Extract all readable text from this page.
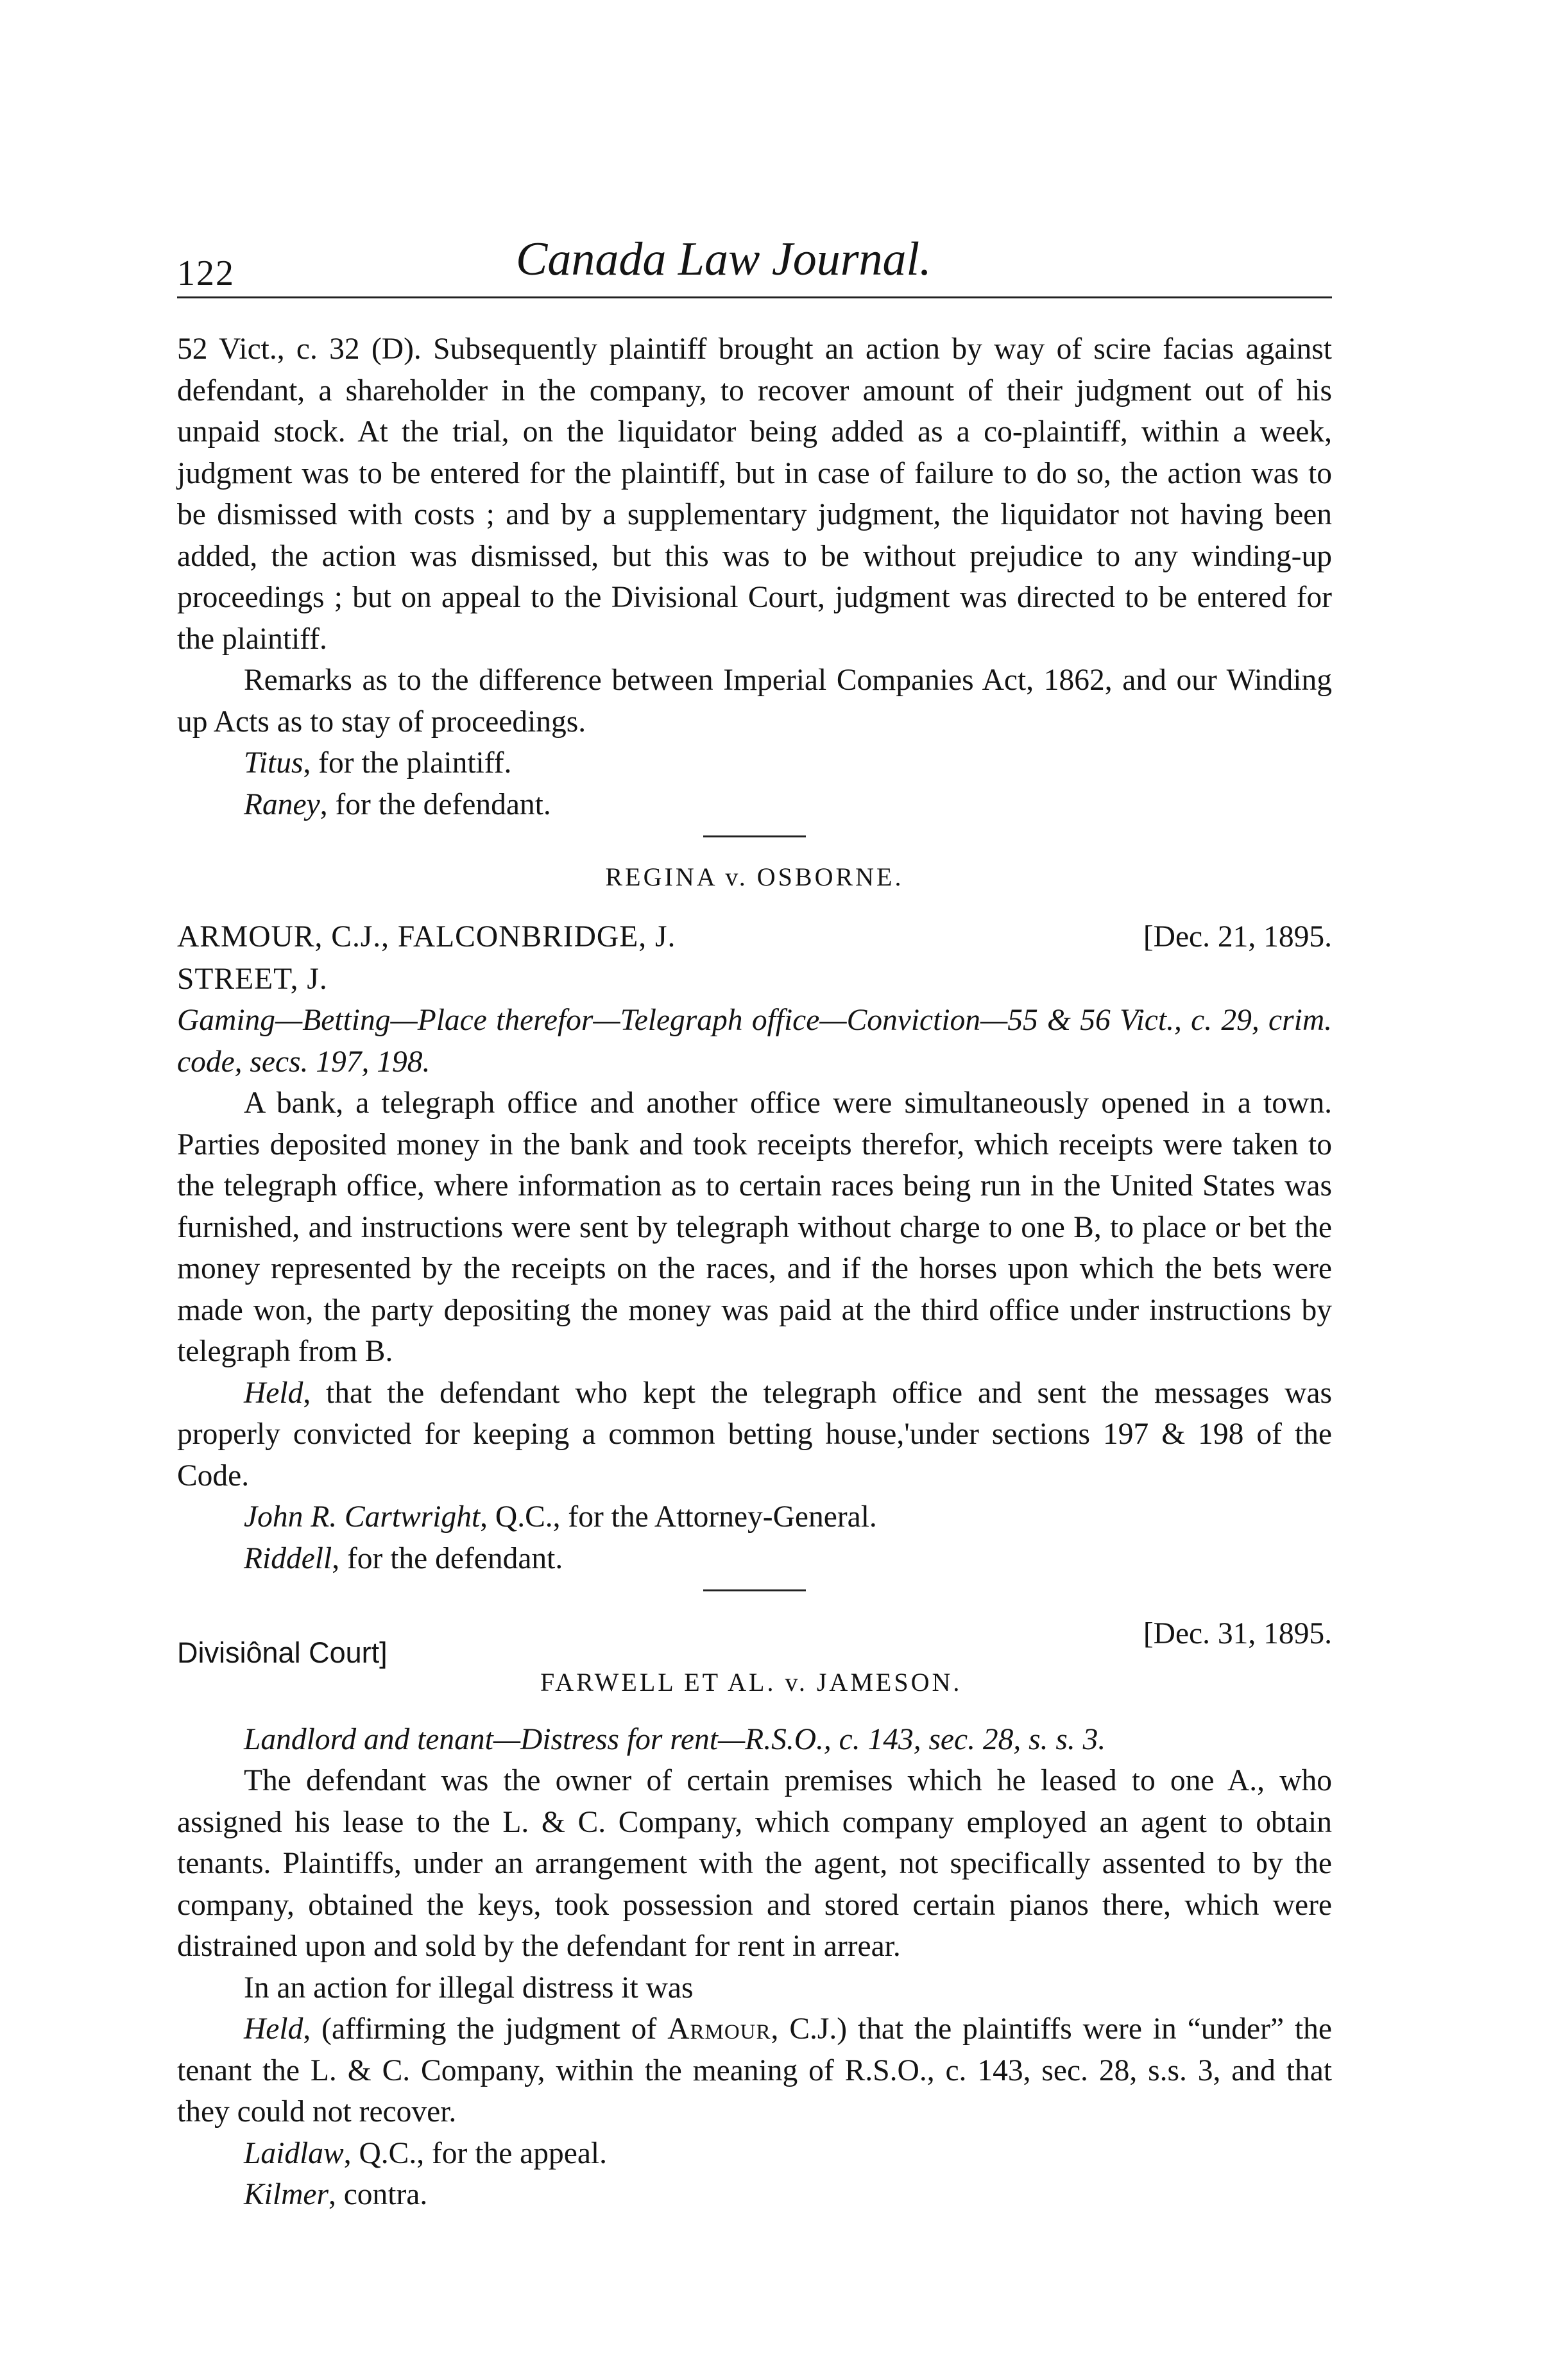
122	Canada Law Journal.

52 Vict., c. 32 (D). Subsequently plaintiff brought an action by way of scire facias against defendant, a shareholder in the company, to recover amount of their judgment out of his unpaid stock. At the trial, on the liquidator being added as a co-plaintiff, within a week, judgment was to be entered for the plaintiff, but in case of failure to do so, the action was to be dismissed with costs ; and by a supplementary judgment, the liquidator not having been added, the action was dismissed, but this was to be without prejudice to any winding-up proceedings ; but on appeal to the Divisional Court, judgment was directed to be entered for the plaintiff.

Remarks as to the difference between Imperial Companies Act, 1862, and our Winding up Acts as to stay of proceedings.

Titus, for the plaintiff.

Raney, for the defendant.

REGINA v. OSBORNE.

ARMOUR, C.J., FALCONBRIDGE, J.	[Dec. 21, 1895.

STREET, J.

Gaming—Betting—Place therefor—Telegraph office—Conviction—55 & 56 Vict., c. 29, crim. code, secs. 197, 198.

A bank, a telegraph office and another office were simultaneously opened in a town. Parties deposited money in the bank and took receipts therefor, which receipts were taken to the telegraph office, where information as to certain races being run in the United States was furnished, and instructions were sent by telegraph without charge to one B, to place or bet the money represented by the receipts on the races, and if the horses upon which the bets were made won, the party depositing the money was paid at the third office under instructions by telegraph from B.

Held, that the defendant who kept the telegraph office and sent the messages was properly convicted for keeping a common betting house,'under sections 197 & 198 of the Code.

John R. Cartwright, Q.C., for the Attorney-General.

Riddell, for the defendant.

Divisiônal Court]
[Dec. 31, 1895.

FARWELL ET AL. v. JAMESON.

Landlord and tenant—Distress for rent—R.S.O., c. 143, sec. 28, s. s. 3.

The defendant was the owner of certain premises which he leased to one A., who assigned his lease to the L. & C. Company, which company employed an agent to obtain tenants. Plaintiffs, under an arrangement with the agent, not specifically assented to by the company, obtained the keys, took possession and stored certain pianos there, which were distrained upon and sold by the defendant for rent in arrear.

In an action for illegal distress it was

Held, (affirming the judgment of Armour, C.J.) that the plaintiffs were in “under” the tenant the L. & C. Company, within the meaning of R.S.O., c. 143, sec. 28, s.s. 3, and that they could not recover.

Laidlaw, Q.C., for the appeal.

Kilmer, contra.
